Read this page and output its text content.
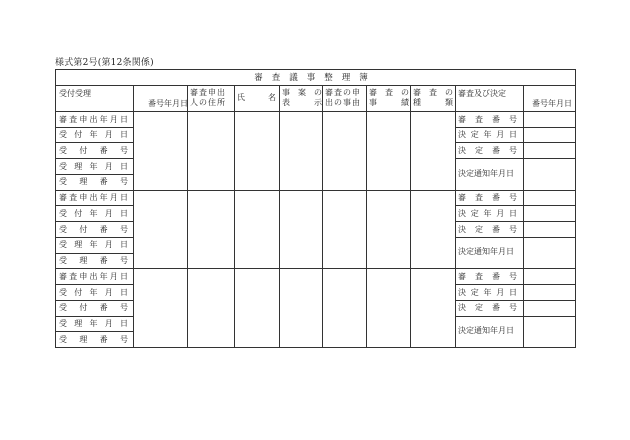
様式第2号(第12条関係)
審査議事整理簿
受付受理
番号年月日
審査申出
人の住所
氏	名
事　案　の
表　　　示
審査の申
出の事由
審　査　の
事　　　績
審　査　の
種　　　類
審査及び決定
番号年月日
審 査 申 出 年 月 日
受 付 年 月 日
受 付 番 号
受 理 年 月 日
受 理 番 号
審 査 番 号
決 定 年 月 日
決 定 番 号
決定通知年月日
審 査 申 出 年 月 日
受 付 年 月 日
受 付 番 号
受 理 年 月 日
受 理 番 号
審 査 番 号
決 定 年 月 日
決 定 番 号
決定通知年月日
審 査 申 出 年 月 日
受 付 年 月 日
受 付 番 号
受 理 年 月 日
受 理 番 号
審 査 番 号
決 定 年 月 日
決 定 番 号
決定通知年月日
